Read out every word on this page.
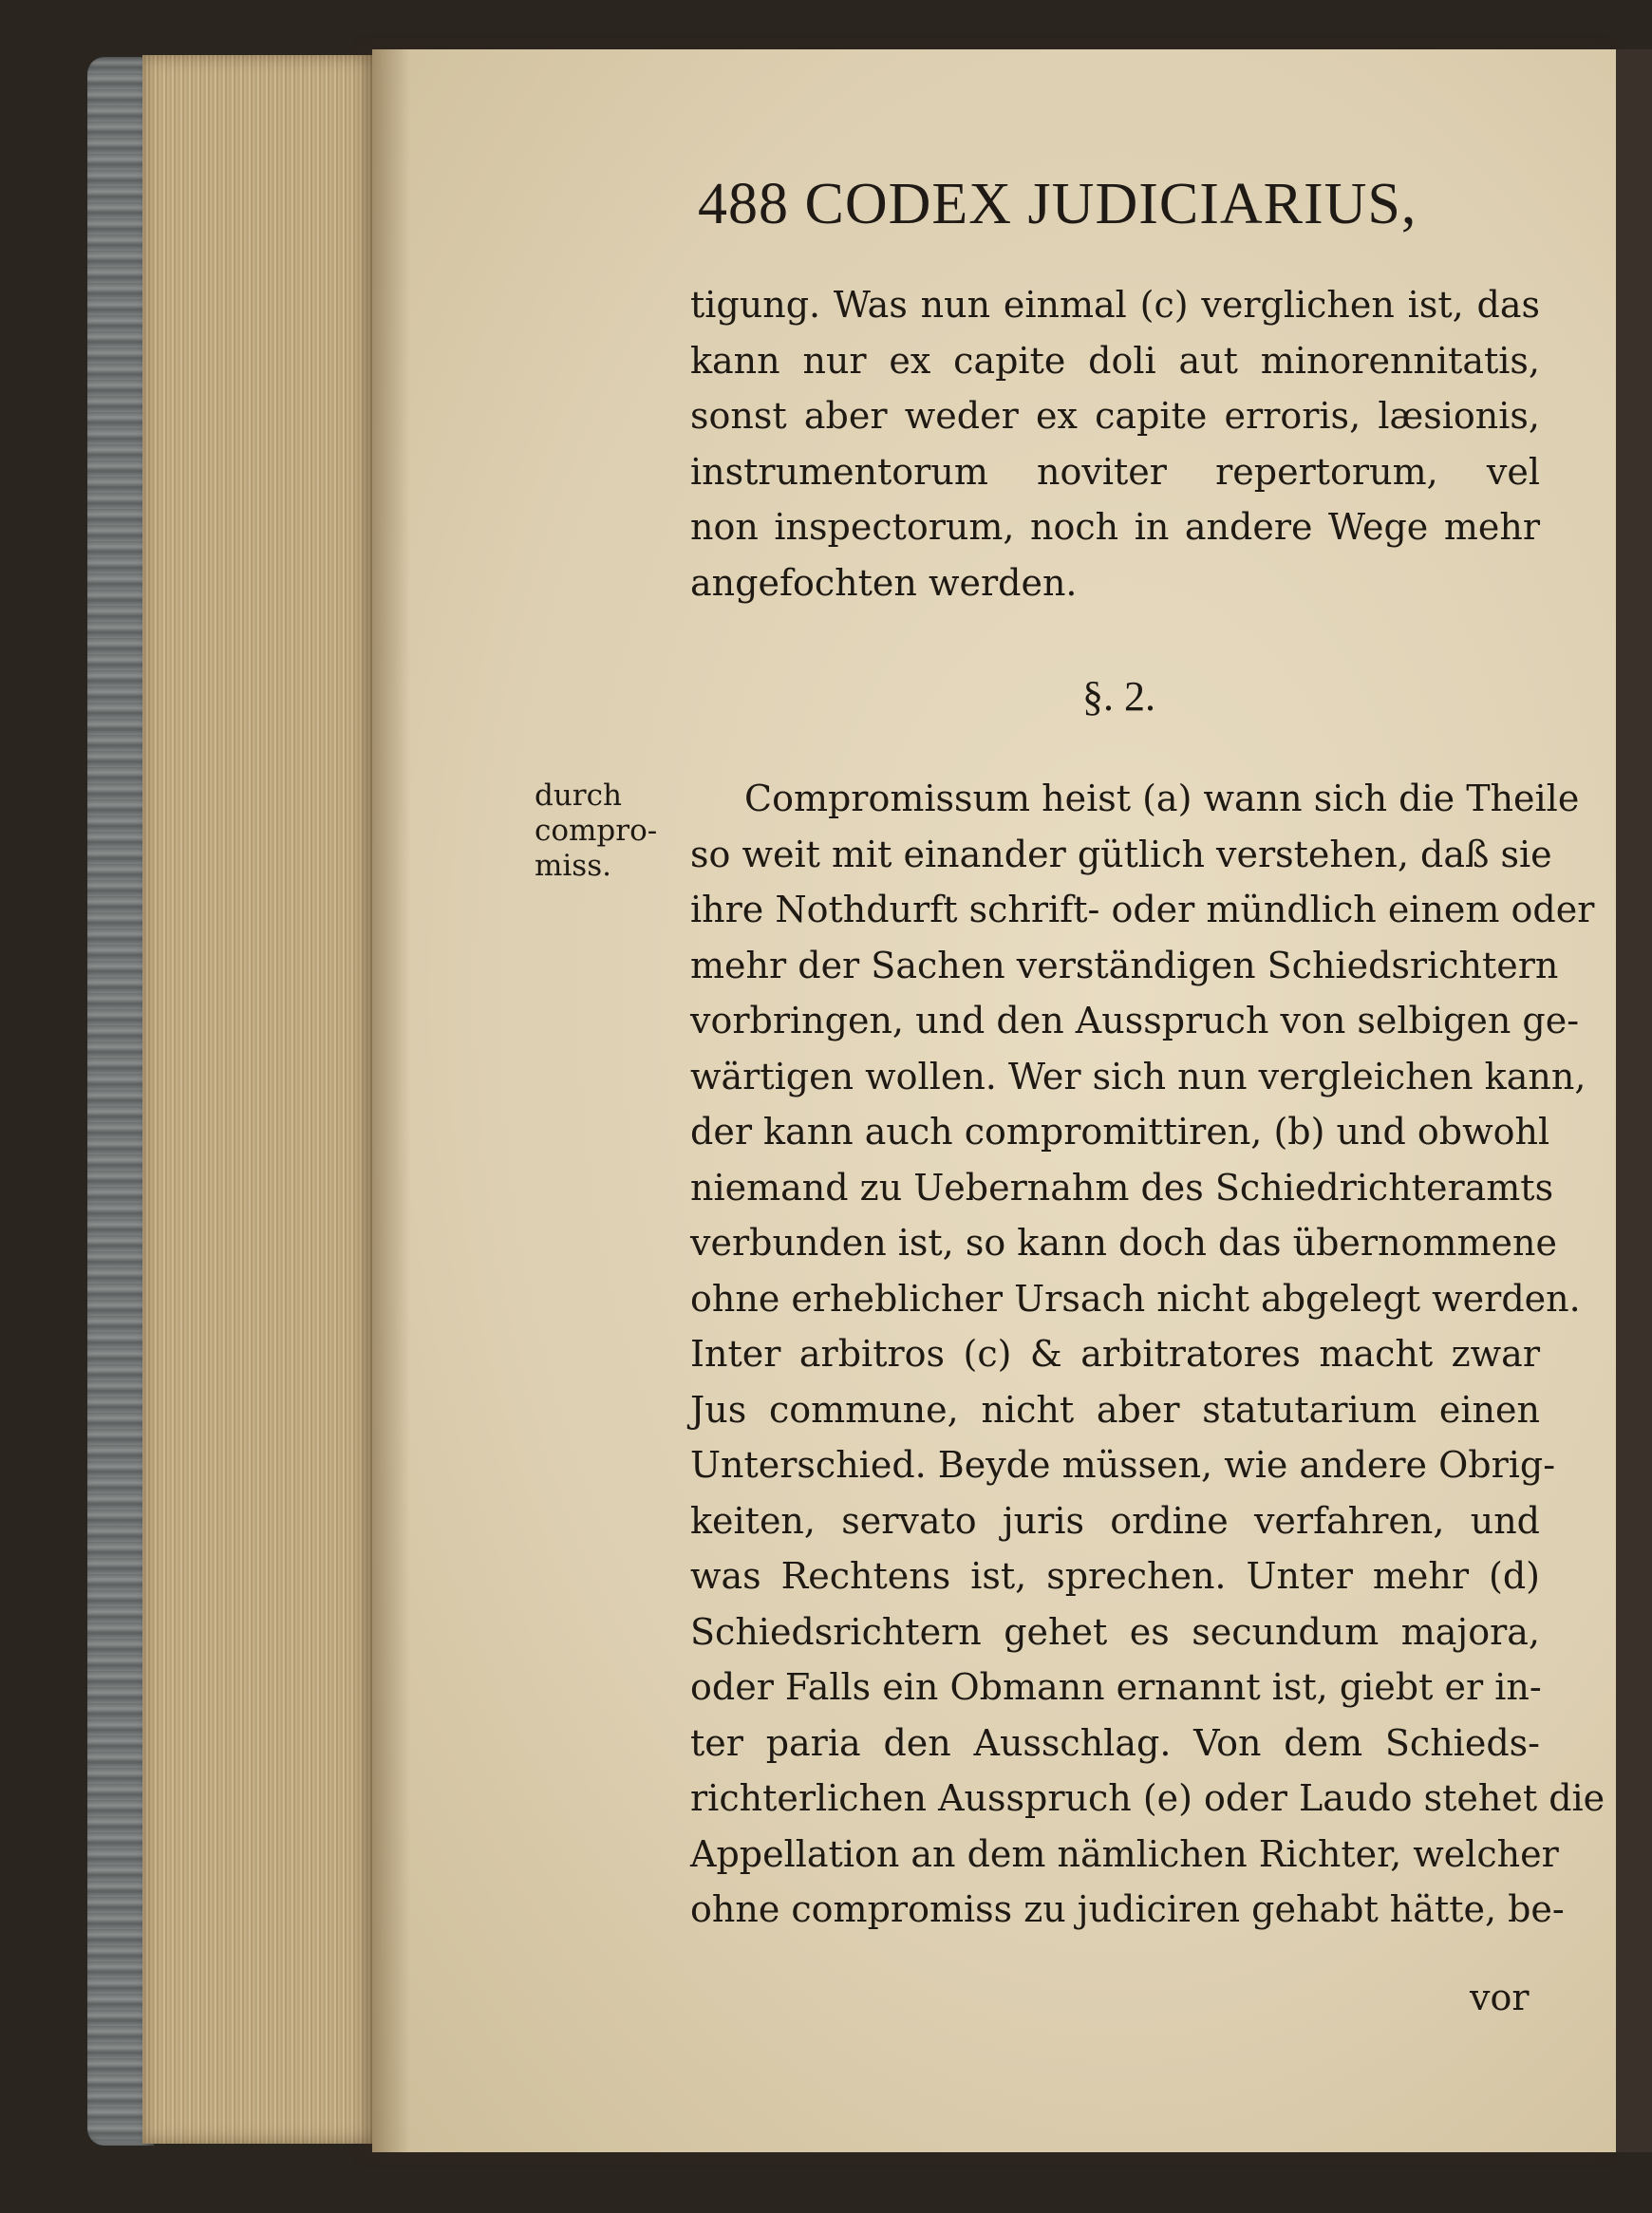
488 CODEX JUDICIARIUS,
tigung. Was nun einmal (c) verglichen ist, das
kann nur ex capite doli aut minorennitatis,
sonst aber weder ex capite erroris, læsionis,
instrumentorum noviter repertorum, vel
non inspectorum, noch in andere Wege mehr
angefochten werden.
§. 2.
durch
compro-
miss.
Compromissum heist (a) wann sich die Theile
so weit mit einander gütlich verstehen, daß sie
ihre Nothdurft schrift- oder mündlich einem oder
mehr der Sachen verständigen Schiedsrichtern
vorbringen, und den Ausspruch von selbigen ge-
wärtigen wollen. Wer sich nun vergleichen kann,
der kann auch compromittiren, (b) und obwohl
niemand zu Uebernahm des Schiedrichteramts
verbunden ist, so kann doch das übernommene
ohne erheblicher Ursach nicht abgelegt werden.
Inter arbitros (c) & arbitratores macht zwar
Jus commune, nicht aber statutarium einen
Unterschied. Beyde müssen, wie andere Obrig-
keiten, servato juris ordine verfahren, und
was Rechtens ist, sprechen. Unter mehr (d)
Schiedsrichtern gehet es secundum majora,
oder Falls ein Obmann ernannt ist, giebt er in-
ter paria den Ausschlag. Von dem Schieds-
richterlichen Ausspruch (e) oder Laudo stehet die
Appellation an dem nämlichen Richter, welcher
ohne compromiss zu judiciren gehabt hätte, be-
vor
